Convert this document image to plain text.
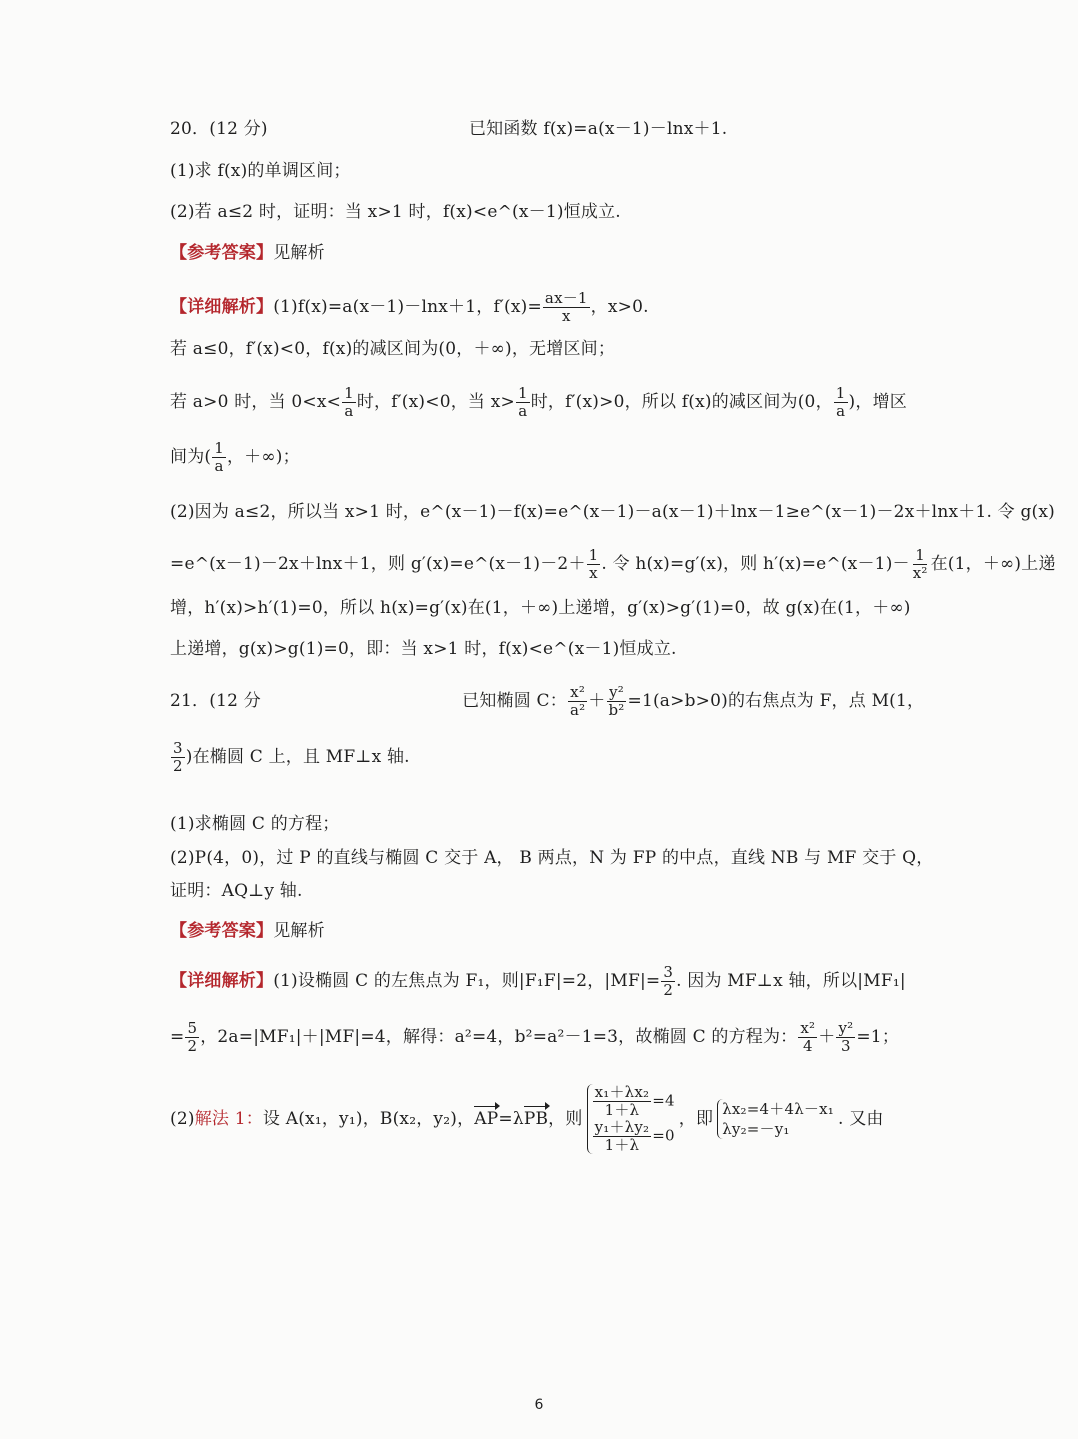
20．(12 分)	已知函数 f(x)=a(x－1)－lnx＋1.
(1)求 f(x)的单调区间；
(2)若 a≤2 时，证明：当 x>1 时，f(x)<e^(x－1)恒成立.
【参考答案】见解析
【详细解析】(1)f(x)=a(x－1)－lnx＋1，$f'(x)= \frac{ax-1}{x}$ ，x>0.
若 a≤0，f′(x)<0，f(x)的减区间为(0，＋∞)，无增区间；
若 a>0 时，当 $0<x< \frac{1}{a}$ 时，f′(x)<0，当 $x> \frac{1}{a}$ 时，f′(x)>0，所以 f(x)的减区间为(0， $\frac{1}{a}$ )，增区
间为( $\frac{1}{a}$ ，＋∞)；
(2)因为 a≤2，所以当 x>1 时，e^(x－1)－f(x)=e^(x－1)－a(x－1)＋lnx－1≥e^(x－1)－2x＋lnx＋1. 令 g(x)
=e^(x－1)－2x＋lnx＋1，则 g′(x)=e^(x－1)－2＋ $\frac{1}{x}$ . 令 h(x)=g′(x)，则 h′(x)=e^(x－1)－ $\frac{1}{\text{x²}}$ 在(1，＋∞)上递
增，h′(x)>h′(1)=0，所以 h(x)=g′(x)在(1，＋∞)上递增，g′(x)>g′(1)=0，故 g(x)在(1，＋∞)
上递增，g(x)>g(1)=0，即：当 x>1 时，f(x)<e^(x－1)恒成立.
21．(12 分	已知椭圆 C： $\frac{\text{x²}}{\text{a²}} + \frac{\text{y²}}{\text{b²}} =1(a>b>0)$的右焦点为 F，点 M(1，
$\frac{3}{2}$ )在椭圆 C 上，且 MF⊥x 轴.
(1)求椭圆 C 的方程；
(2)P(4，0)，过 P 的直线与椭圆 C 交于 A， B 两点，N 为 FP 的中点，直线 NB 与 MF 交于 Q，
证明：AQ⊥y 轴.
【参考答案】见解析
【详细解析】(1)设椭圆 C 的左焦点为 F₁，则|F₁F|=2，$|MF|= \frac{3}{2}$ . 因为 MF⊥x 轴，所以|MF₁|
= $\frac{5}{2}$ ，2a=|MF₁|＋|MF|=4，解得：a²=4，b²=a²－1=3，故椭圆 C 的方程为： $\frac{\text{x²}}{4} + \frac{\text{y²}}{3} =1$；
(2) 解法 1： 设 A(x₁，y₁)，B(x₂，y₂)， AP =λ PB ，则 $\frac{\text{x₁＋λx₂}}{1+\lambda} =4$
$\frac{\text{y₁＋λy₂}}{1+\lambda} =0$
，即 λx₂=4＋4λ－x₁
λy₂=－y₁	. 又由
6
